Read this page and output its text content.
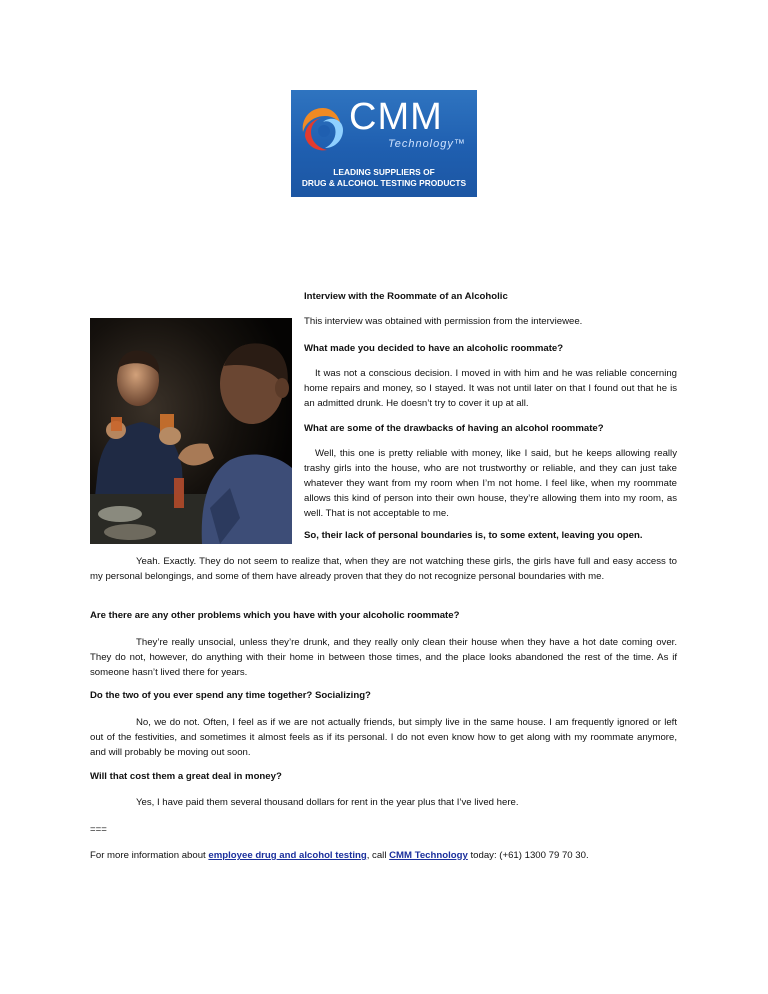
CMM
Technology™
LEADING SUPPLIERS OF
DRUG & ALCOHOL TESTING PRODUCTS
Interview with the Roommate of an Alcoholic
This interview was obtained with permission from the interviewee.
What made you decided to have an alcoholic roommate?
It was not a conscious decision. I moved in with him and he was reliable concerning home repairs and money, so I stayed. It was not until later on that I found out that he is an admitted drunk. He doesn’t try to cover it up at all.
What are some of the drawbacks of having an alcohol roommate?
Well, this one is pretty reliable with money, like I said, but he keeps allowing really trashy girls into the house, who are not trustworthy or reliable, and they can just take whatever they want from my room when I’m not home. I feel like, when my roommate allows this kind of person into their own house, they’re allowing them into my room, as well. That is not acceptable to me.
So, their lack of personal boundaries is, to some extent, leaving you open.
Yeah. Exactly. They do not seem to realize that, when they are not watching these girls, the girls have full and easy access to my personal belongings, and some of them have already proven that they do not recognize personal boundaries with me.
Are there are any other problems which you have with your alcoholic roommate?
They’re really unsocial, unless they’re drunk, and they really only clean their house when they have a hot date coming over. They do not, however, do anything with their home in between those times, and the place looks abandoned the rest of the time. As if someone hasn’t lived there for years.
Do the two of you ever spend any time together? Socializing?
No, we do not. Often, I feel as if we are not actually friends, but simply live in the same house. I am frequently ignored or left out of the festivities, and sometimes it almost feels as if its personal. I do not even know how to get along with my roommate anymore, and will probably be moving out soon.
Will that cost them a great deal in money?
Yes, I have paid them several thousand dollars for rent in the year plus that I’ve lived here.
===
For more information about employee drug and alcohol testing, call CMM Technology today: (+61) 1300 79 70 30.
